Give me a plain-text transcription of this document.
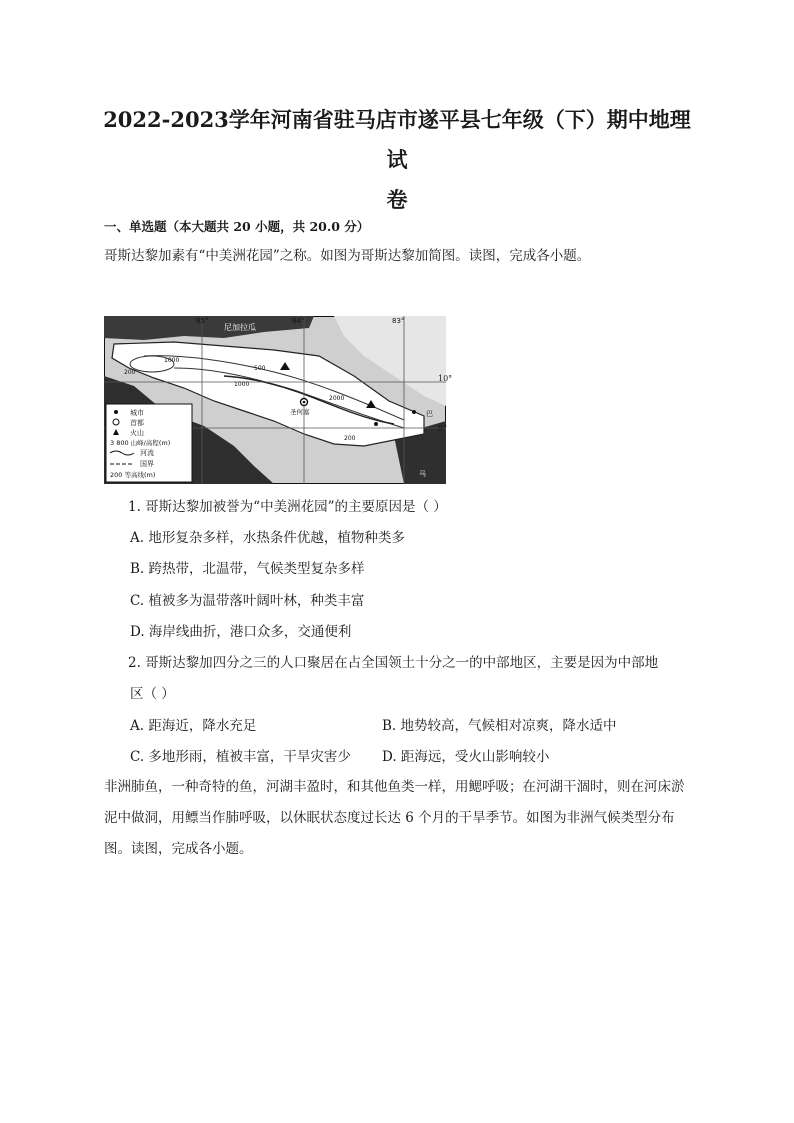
2022-2023学年河南省驻马店市遂平县七年级（下）期中地理试
卷
一、单选题（本大题共 20 小题，共 20.0 分）
哥斯达黎加素有“中美洲花园”之称。如图为哥斯达黎加简图。读图，完成各小题。
85°	84°	83°
尼加拉瓜
巴
马
圣何塞
1000
500
1000
2000
200
200
城市
首都
火山
3 800 山峰/高程(m)
河流
国界
200 等高线(m)
10°
9°
1. 哥斯达黎加被誉为“中美洲花园”的主要原因是（ ）
A. 地形复杂多样，水热条件优越，植物种类多
B. 跨热带，北温带，气候类型复杂多样
C. 植被多为温带落叶阔叶林，种类丰富
D. 海岸线曲折，港口众多，交通便利
2. 哥斯达黎加四分之三的人口聚居在占全国领土十分之一的中部地区，主要是因为中部地
区（ ）
A. 距海近，降水充足	B. 地势较高，气候相对凉爽，降水适中
C. 多地形雨，植被丰富，干旱灾害少 D. 距海远，受火山影响较小
非洲肺鱼，一种奇特的鱼，河湖丰盈时，和其他鱼类一样，用鳃呼吸；在河湖干涸时，则在河床淤泥中做洞，用鳔当作肺呼吸，以休眠状态度过长达 6 个月的干旱季节。如图为非洲气候类型分布图。读图，完成各小题。
